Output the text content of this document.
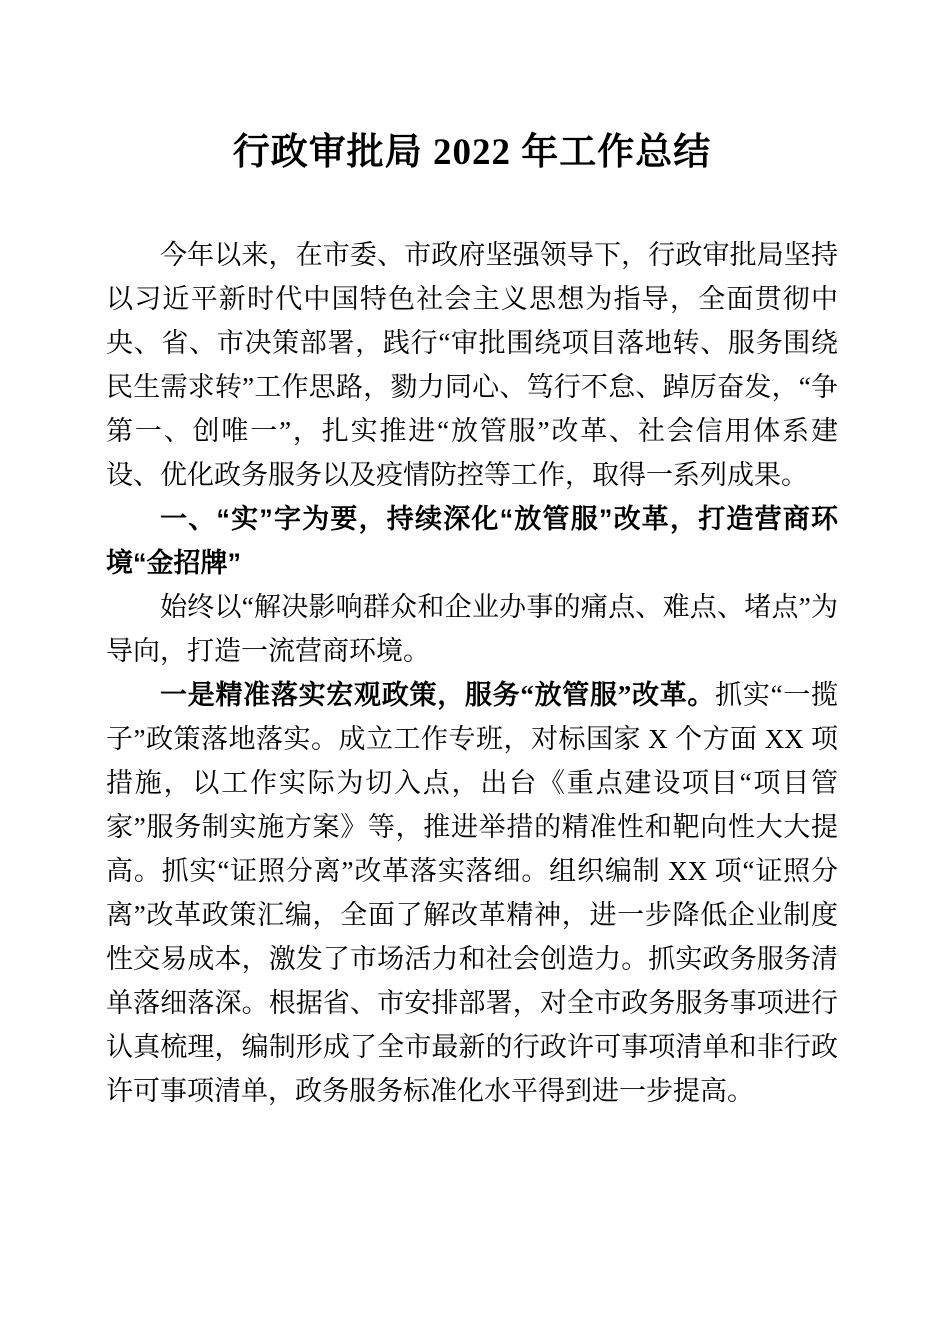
行政审批局 2022 年工作总结

今年以来，在市委、市政府坚强领导下，行政审批局坚持以习近平新时代中国特色社会主义思想为指导，全面贯彻中央、省、市决策部署，践行“审批围绕项目落地转、服务围绕民生需求转”工作思路，勠力同心、笃行不怠、踔厉奋发，“争第一、创唯一”，扎实推进“放管服”改革、社会信用体系建设、优化政务服务以及疫情防控等工作，取得一系列成果。

一、“实”字为要，持续深化“放管服”改革，打造营商环境“金招牌”

始终以“解决影响群众和企业办事的痛点、难点、堵点”为导向，打造一流营商环境。

一是精准落实宏观政策，服务“放管服”改革。抓实“一揽子”政策落地落实。成立工作专班，对标国家 X 个方面 XX 项措施，以工作实际为切入点，出台《重点建设项目“项目管家”服务制实施方案》等，推进举措的精准性和靶向性大大提高。抓实“证照分离”改革落实落细。组织编制 XX 项“证照分离”改革政策汇编，全面了解改革精神，进一步降低企业制度性交易成本，激发了市场活力和社会创造力。抓实政务服务清单落细落深。根据省、市安排部署，对全市政务服务事项进行认真梳理，编制形成了全市最新的行政许可事项清单和非行政许可事项清单，政务服务标准化水平得到进一步提高。
